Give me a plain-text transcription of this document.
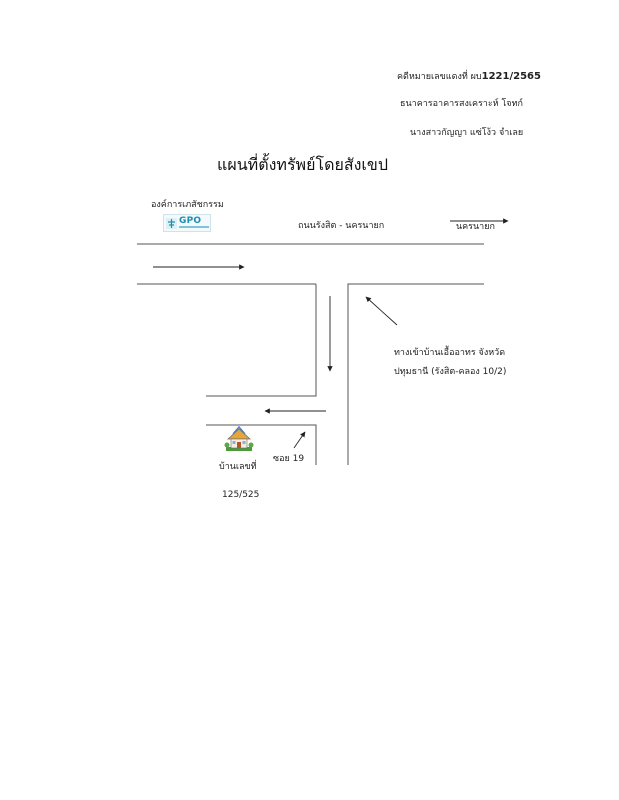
คดีหมายเลขแดงที่ ผบ1221/2565
ธนาคารอาคารสงเคราะห์ โจทก์
นางสาวกัญญา แซ่โง้ว จำเลย
แผนที่ตั้งทรัพย์โดยสังเขป
องค์การเภสัชกรรม
GPO	ถนนรังสิต - นครนายก	นครนายก
ทางเข้าบ้านเอื้ออาทร จังหวัด
ปทุมธานี (รังสิต-คลอง 10/2)
ซอย 19
บ้านเลขที่
125/525
